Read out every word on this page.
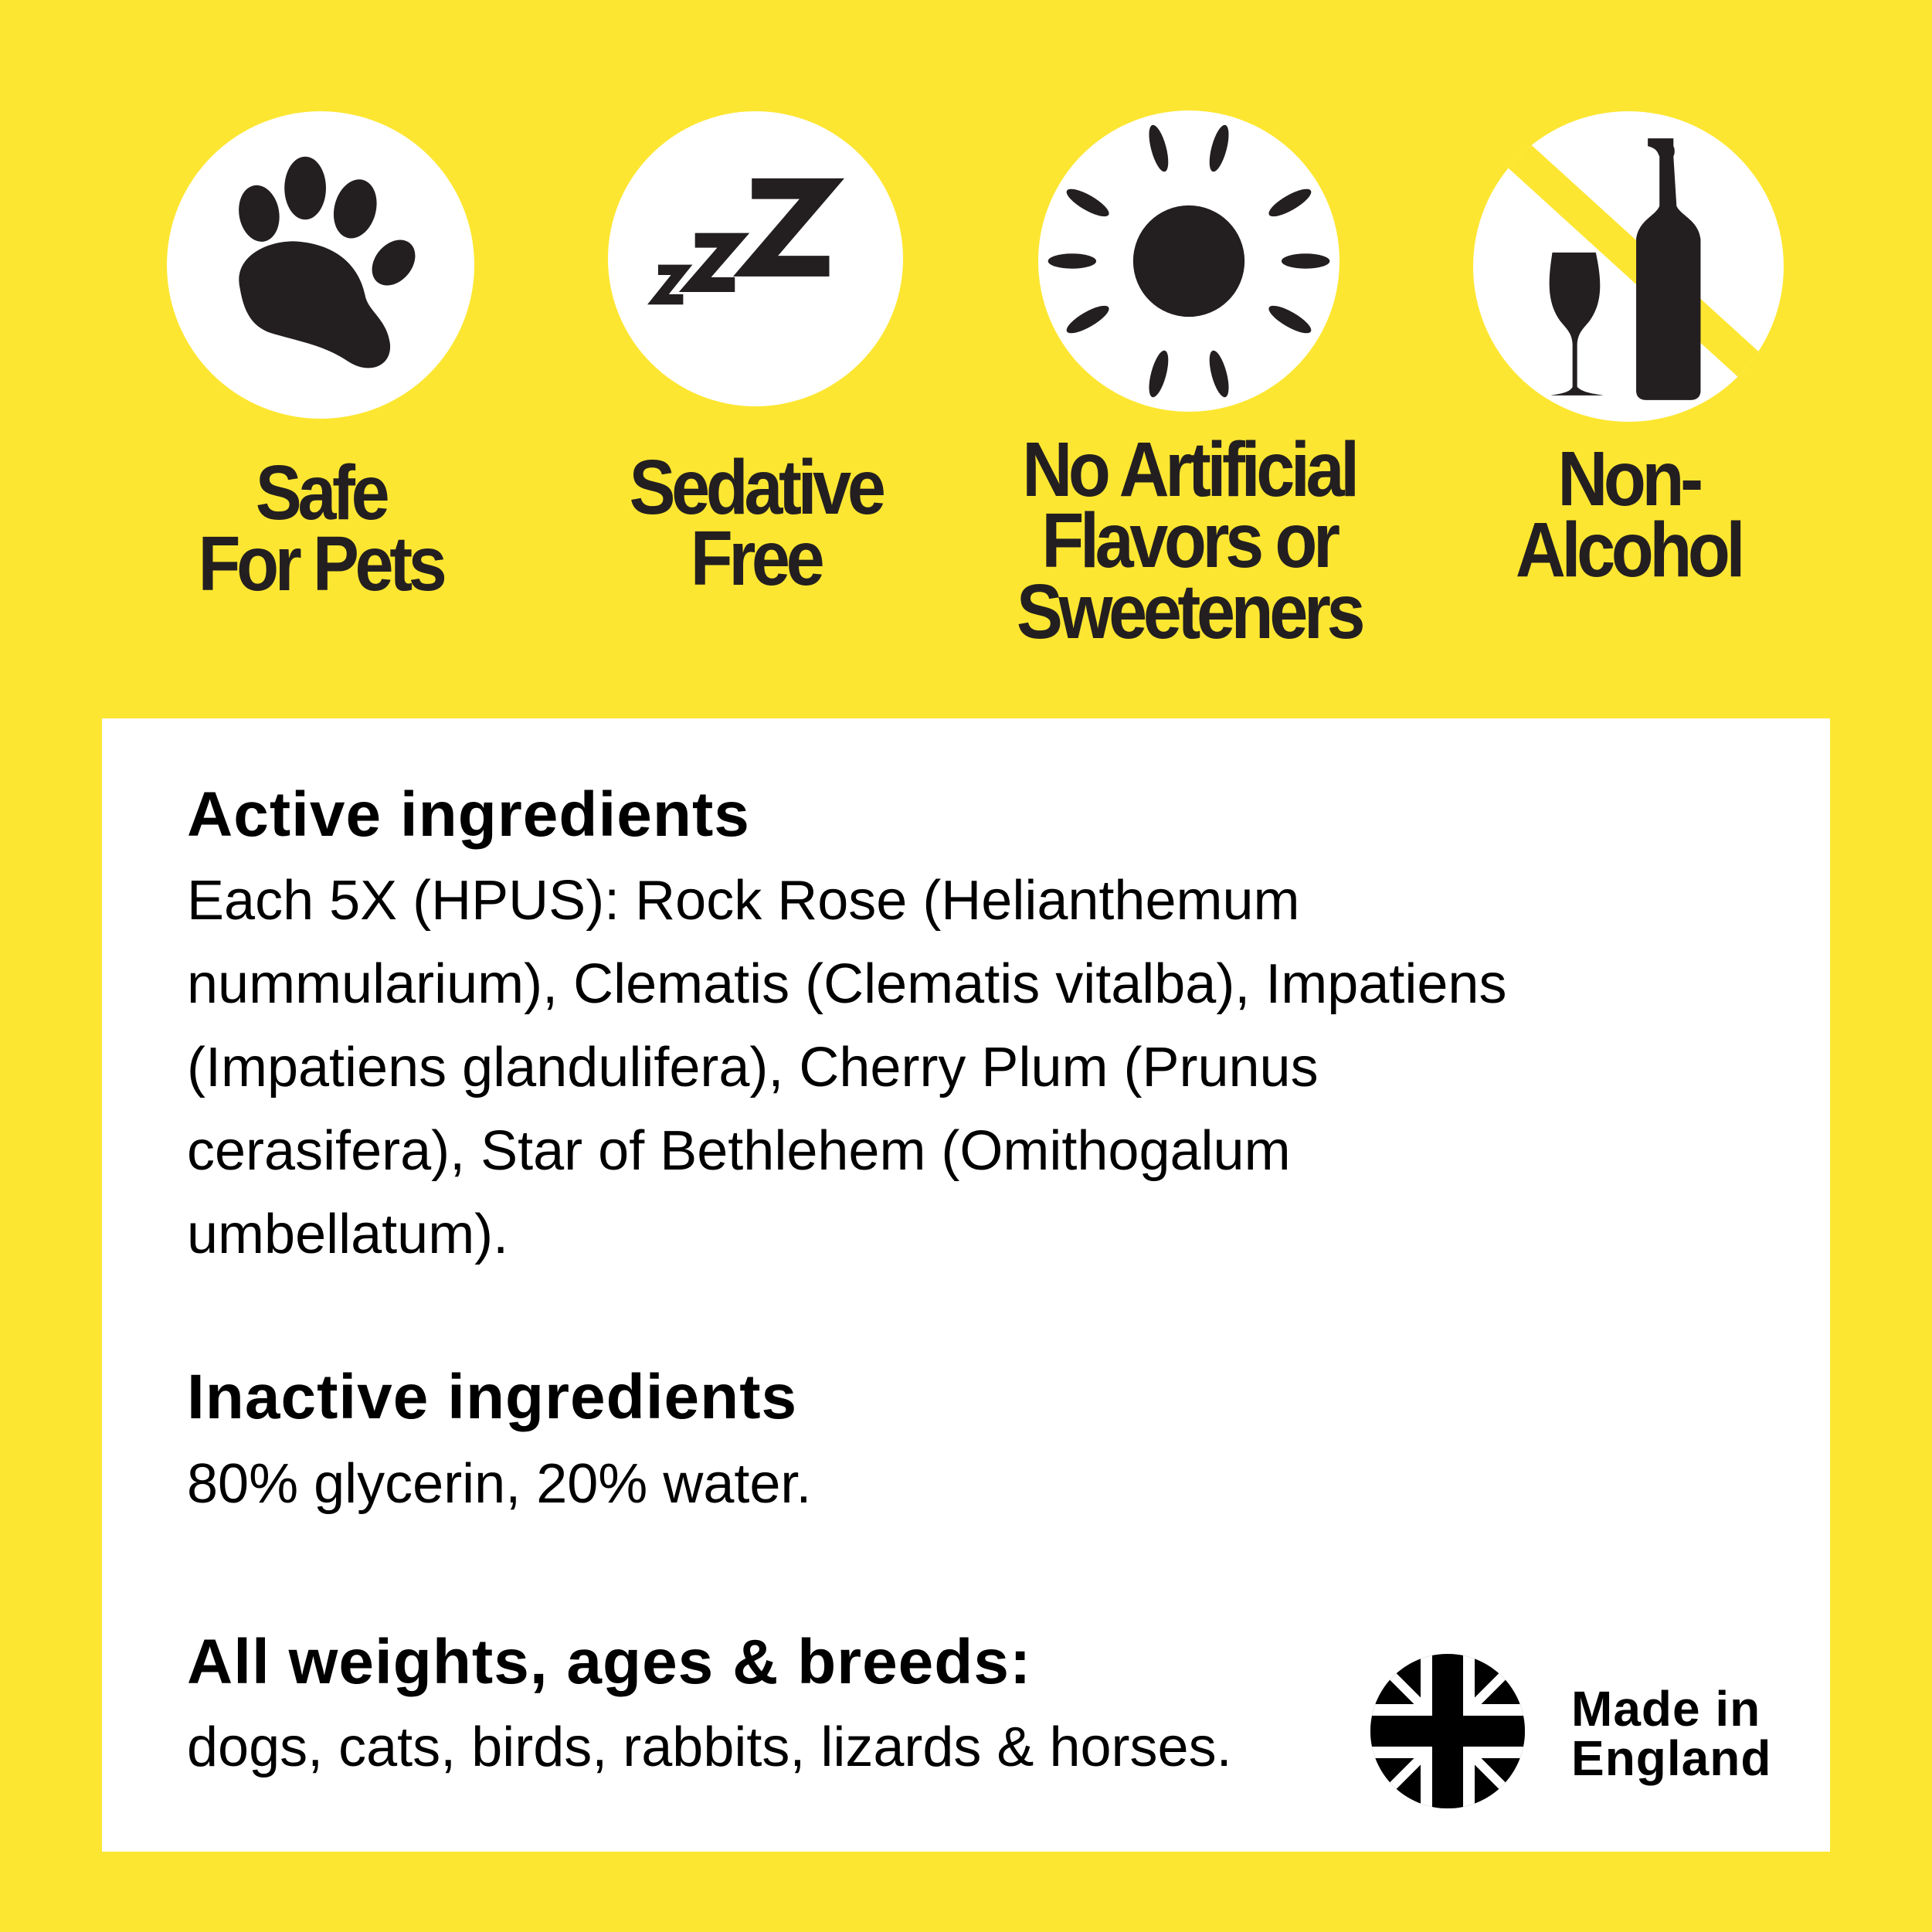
Safe
For Pets
Sedative
Free
No Artificial
Flavors or
Sweeteners
Non-
Alcohol
Active ingredients
Each 5X (HPUS): Rock Rose (Helianthemum
nummularium), Clematis (Clematis vitalba), Impatiens
(Impatiens glandulifera), Cherry Plum (Prunus
cerasifera), Star of Bethlehem (Omithogalum
umbellatum).
Inactive ingredients
80% glycerin, 20% water.
All weights, ages & breeds:
dogs, cats, birds, rabbits, lizards & horses.
Made in
England
